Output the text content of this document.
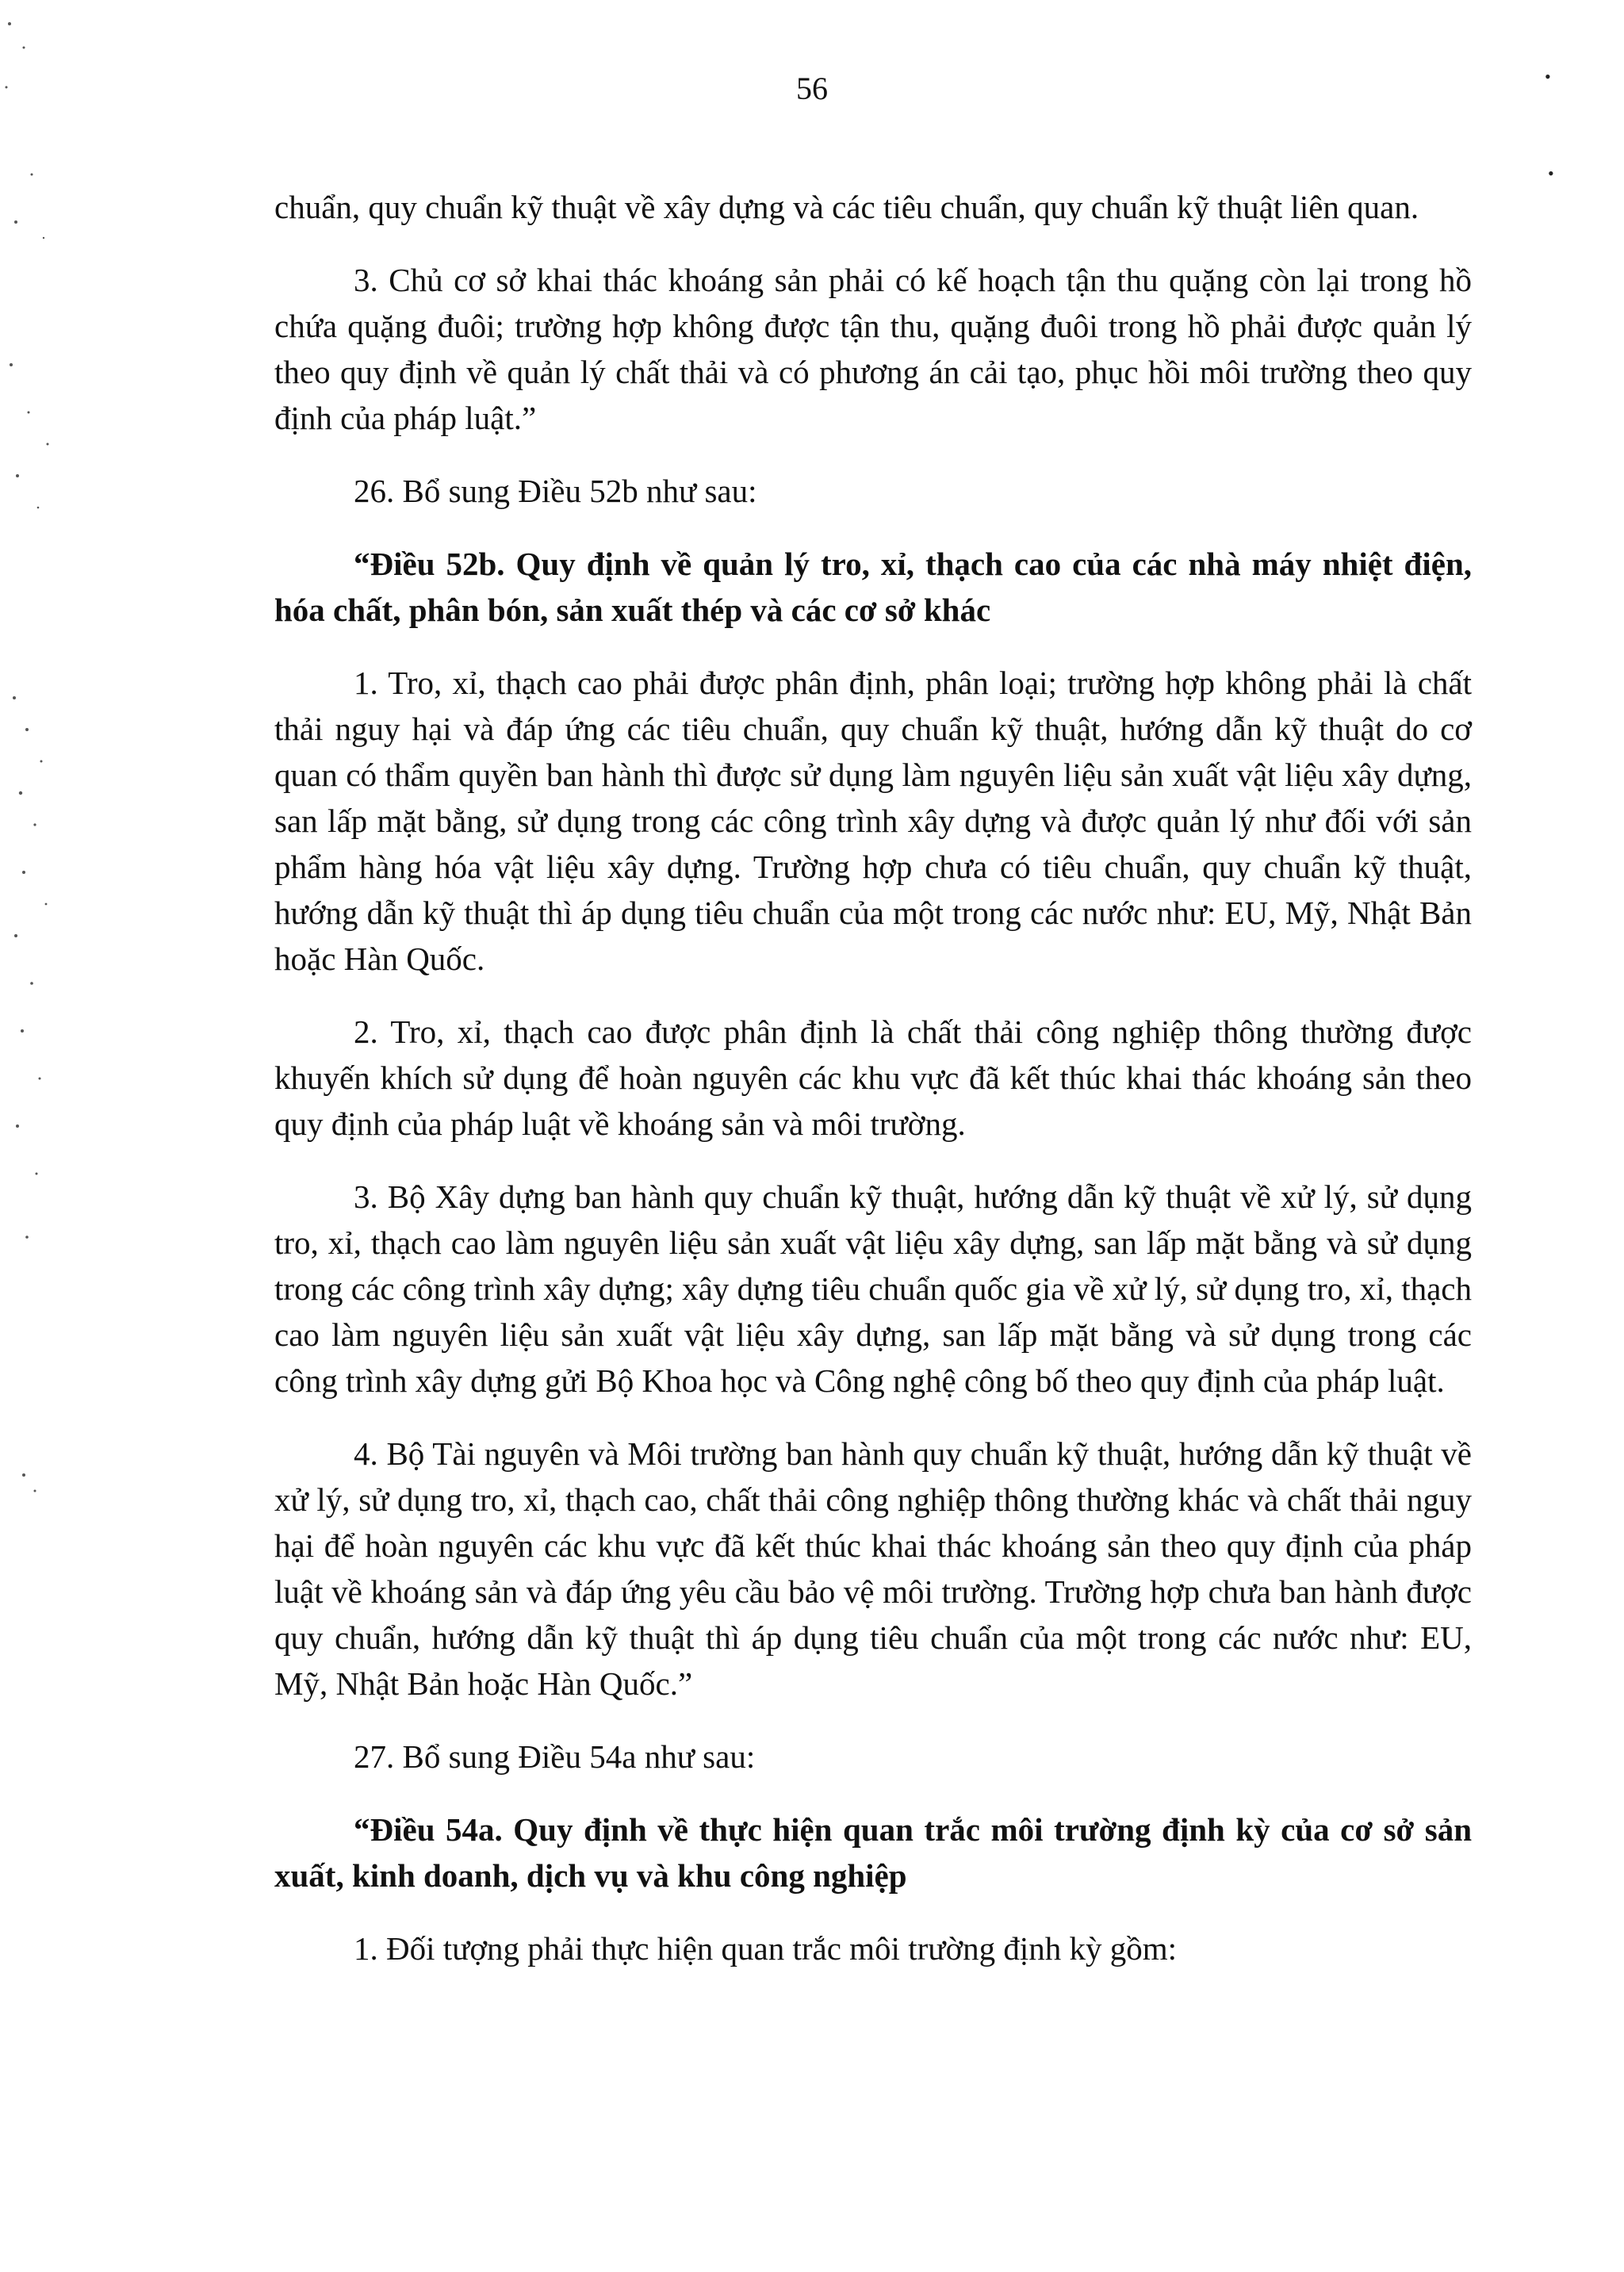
•
•
56

chuẩn, quy chuẩn kỹ thuật về xây dựng và các tiêu chuẩn, quy chuẩn kỹ thuật liên quan.

3. Chủ cơ sở khai thác khoáng sản phải có kế hoạch tận thu quặng còn lại trong hồ chứa quặng đuôi; trường hợp không được tận thu, quặng đuôi trong hồ phải được quản lý theo quy định về quản lý chất thải và có phương án cải tạo, phục hồi môi trường theo quy định của pháp luật.”

26. Bổ sung Điều 52b như sau:

“Điều 52b. Quy định về quản lý tro, xỉ, thạch cao của các nhà máy nhiệt điện, hóa chất, phân bón, sản xuất thép và các cơ sở khác

1. Tro, xỉ, thạch cao phải được phân định, phân loại; trường hợp không phải là chất thải nguy hại và đáp ứng các tiêu chuẩn, quy chuẩn kỹ thuật, hướng dẫn kỹ thuật do cơ quan có thẩm quyền ban hành thì được sử dụng làm nguyên liệu sản xuất vật liệu xây dựng, san lấp mặt bằng, sử dụng trong các công trình xây dựng và được quản lý như đối với sản phẩm hàng hóa vật liệu xây dựng. Trường hợp chưa có tiêu chuẩn, quy chuẩn kỹ thuật, hướng dẫn kỹ thuật thì áp dụng tiêu chuẩn của một trong các nước như: EU, Mỹ, Nhật Bản hoặc Hàn Quốc.

2. Tro, xỉ, thạch cao được phân định là chất thải công nghiệp thông thường được khuyến khích sử dụng để hoàn nguyên các khu vực đã kết thúc khai thác khoáng sản theo quy định của pháp luật về khoáng sản và môi trường.

3. Bộ Xây dựng ban hành quy chuẩn kỹ thuật, hướng dẫn kỹ thuật về xử lý, sử dụng tro, xỉ, thạch cao làm nguyên liệu sản xuất vật liệu xây dựng, san lấp mặt bằng và sử dụng trong các công trình xây dựng; xây dựng tiêu chuẩn quốc gia về xử lý, sử dụng tro, xỉ, thạch cao làm nguyên liệu sản xuất vật liệu xây dựng, san lấp mặt bằng và sử dụng trong các công trình xây dựng gửi Bộ Khoa học và Công nghệ công bố theo quy định của pháp luật.

4. Bộ Tài nguyên và Môi trường ban hành quy chuẩn kỹ thuật, hướng dẫn kỹ thuật về xử lý, sử dụng tro, xỉ, thạch cao, chất thải công nghiệp thông thường khác và chất thải nguy hại để hoàn nguyên các khu vực đã kết thúc khai thác khoáng sản theo quy định của pháp luật về khoáng sản và đáp ứng yêu cầu bảo vệ môi trường. Trường hợp chưa ban hành được quy chuẩn, hướng dẫn kỹ thuật thì áp dụng tiêu chuẩn của một trong các nước như: EU, Mỹ, Nhật Bản hoặc Hàn Quốc.”

27. Bổ sung Điều 54a như sau:

“Điều 54a. Quy định về thực hiện quan trắc môi trường định kỳ của cơ sở sản xuất, kinh doanh, dịch vụ và khu công nghiệp

1. Đối tượng phải thực hiện quan trắc môi trường định kỳ gồm:
